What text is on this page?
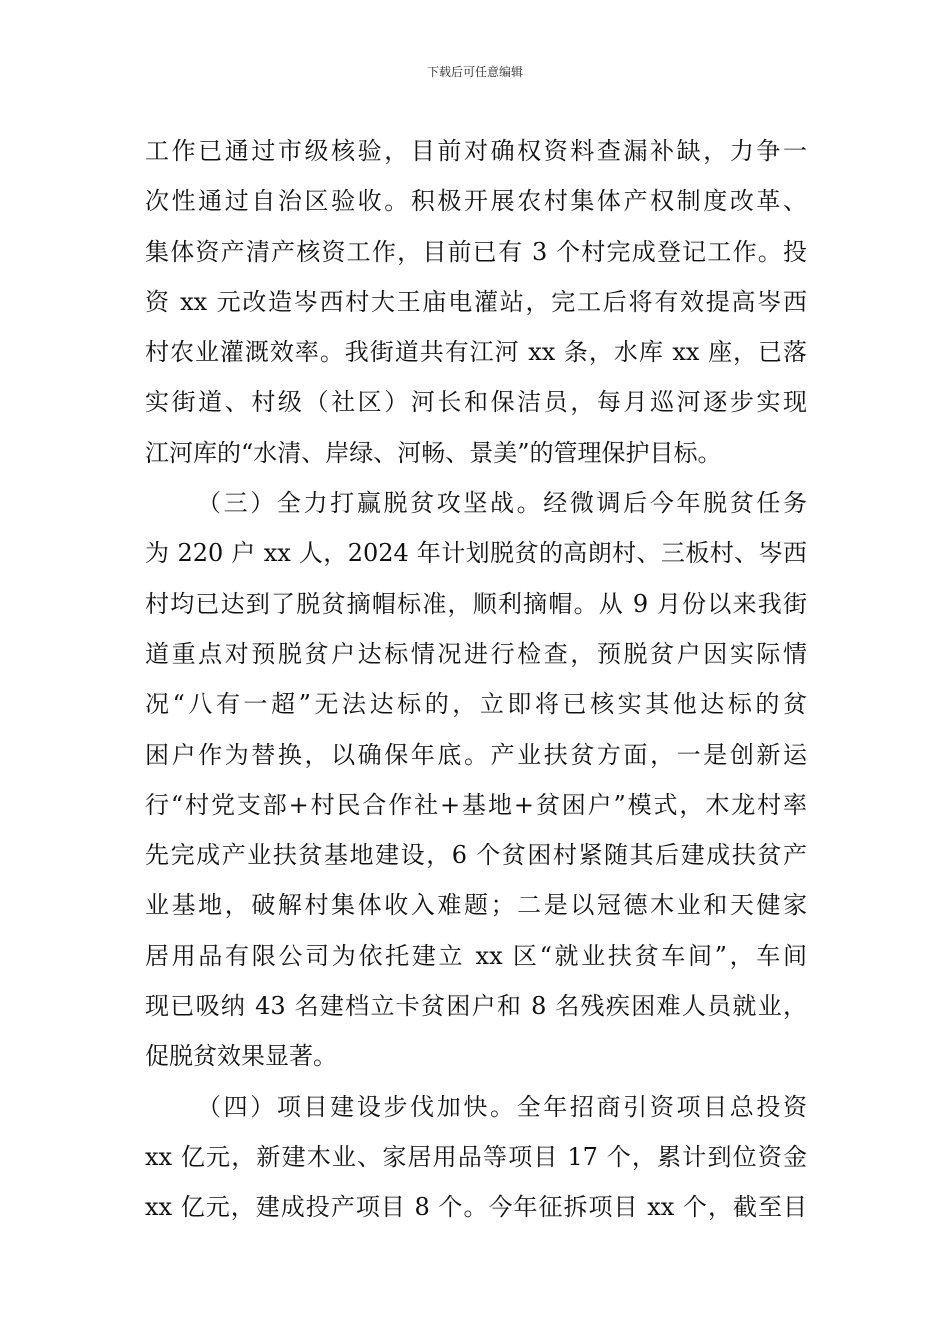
下载后可任意编辑
工作已通过市级核验，目前对确权资料查漏补缺，力争一
次性通过自治区验收。积极开展农村集体产权制度改革、
集体资产清产核资工作，目前已有 3 个村完成登记工作。投
资 xx 元改造岑西村大王庙电灌站，完工后将有效提高岑西
村农业灌溉效率。我街道共有江河 xx 条，水库 xx 座，已落
实街道、村级（社区）河长和保洁员，每月巡河逐步实现
江河库的“水清、岸绿、河畅、景美”的管理保护目标。
（三）全力打赢脱贫攻坚战。经微调后今年脱贫任务
为 220 户 xx 人，2024 年计划脱贫的高朗村、三板村、岑西
村均已达到了脱贫摘帽标准，顺利摘帽。从 9 月份以来我街
道重点对预脱贫户达标情况进行检查，预脱贫户因实际情
况“八有一超”无法达标的，立即将已核实其他达标的贫
困户作为替换，以确保年底。产业扶贫方面，一是创新运
行“村党支部+村民合作社+基地+贫困户”模式，木龙村率
先完成产业扶贫基地建设，6 个贫困村紧随其后建成扶贫产
业基地，破解村集体收入难题；二是以冠德木业和天健家
居用品有限公司为依托建立 xx 区“就业扶贫车间”，车间
现已吸纳 43 名建档立卡贫困户和 8 名残疾困难人员就业，
促脱贫效果显著。
（四）项目建设步伐加快。全年招商引资项目总投资
xx 亿元，新建木业、家居用品等项目 17 个，累计到位资金
xx 亿元，建成投产项目 8 个。今年征拆项目 xx 个，截至目
